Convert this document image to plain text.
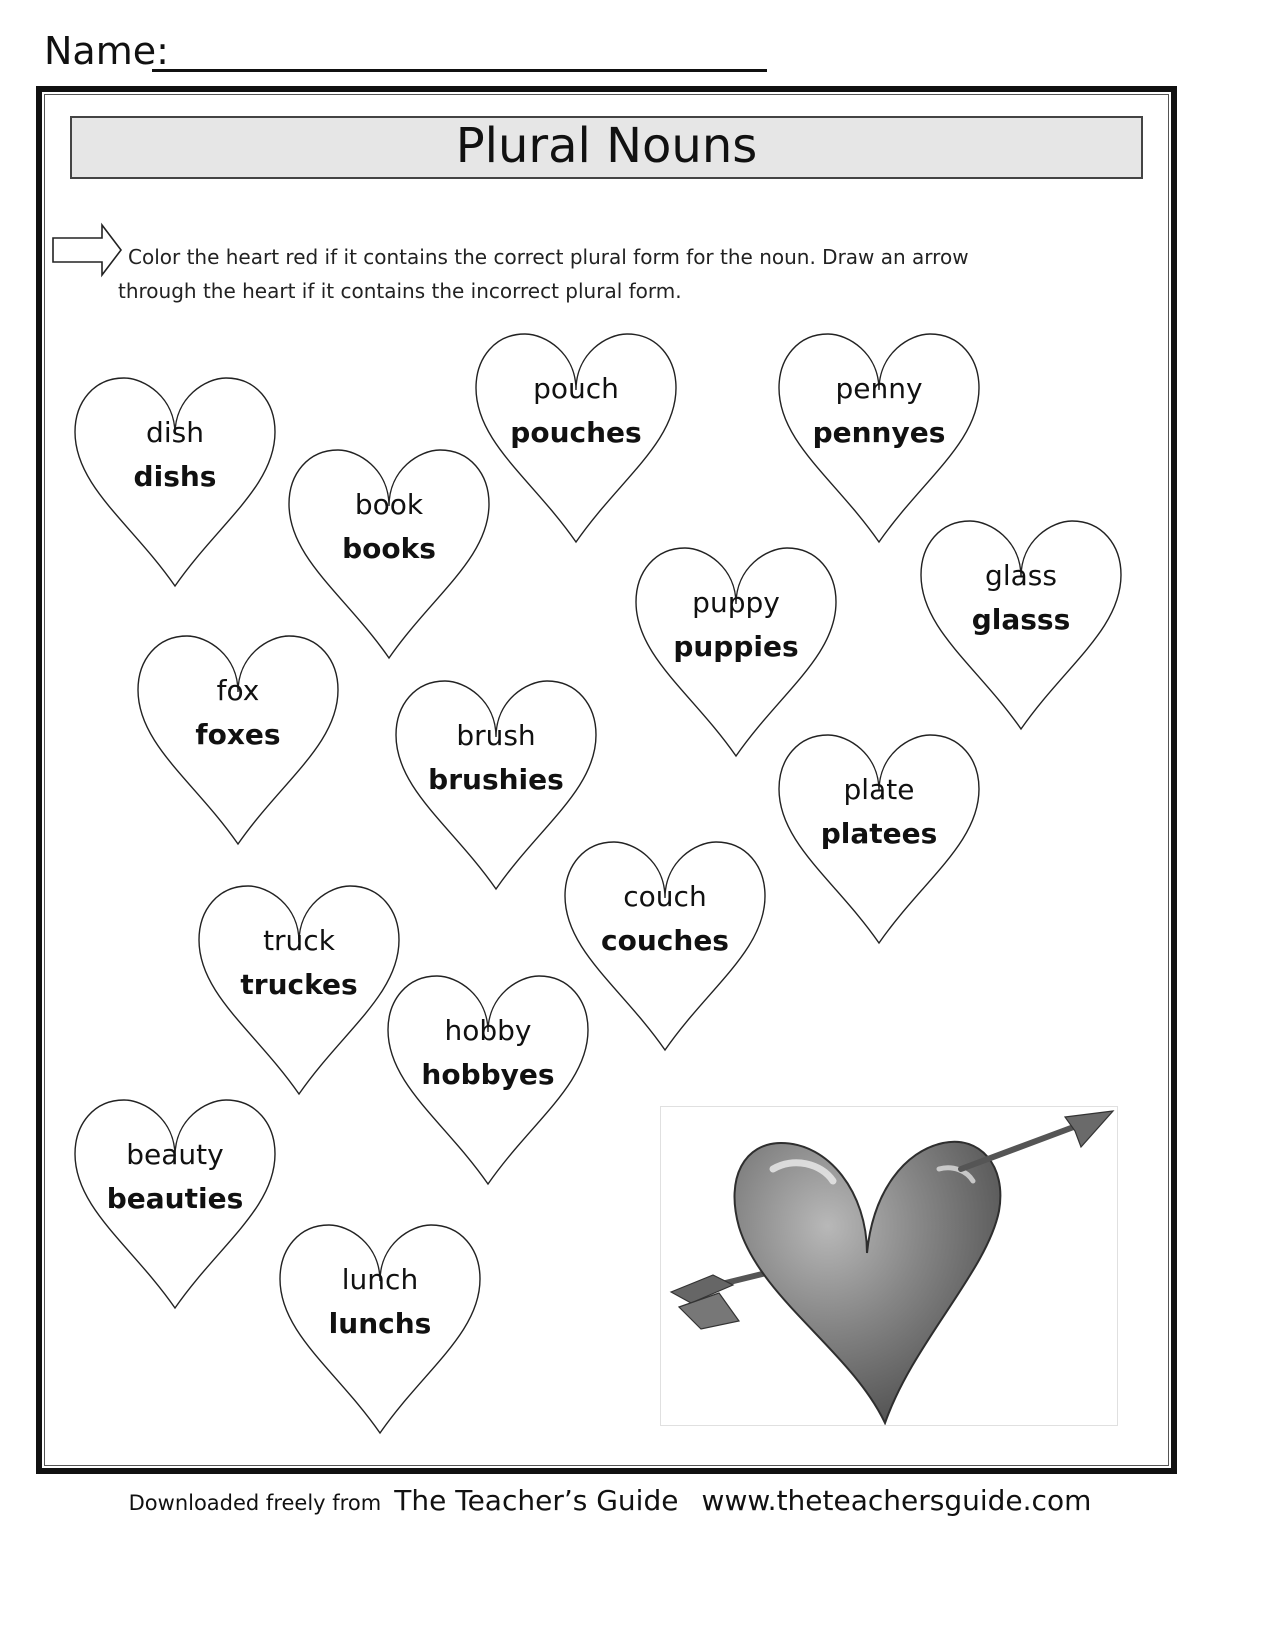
Name:
Plural Nouns
Color the heart red if it contains the correct plural form for the noun. Draw an arrow
through the heart if it contains the incorrect plural form.
dish
dishs
book
books
pouch
pouches
penny
pennyes
puppy
puppies
glass
glasss
fox
foxes	brush
brushies	plate
platees
couch
couches
truck
truckes
hobby
hobbyes
beauty
beauties
lunch
lunchs
Downloaded freely from The Teacher’s Guide www.theteachersguide.com
